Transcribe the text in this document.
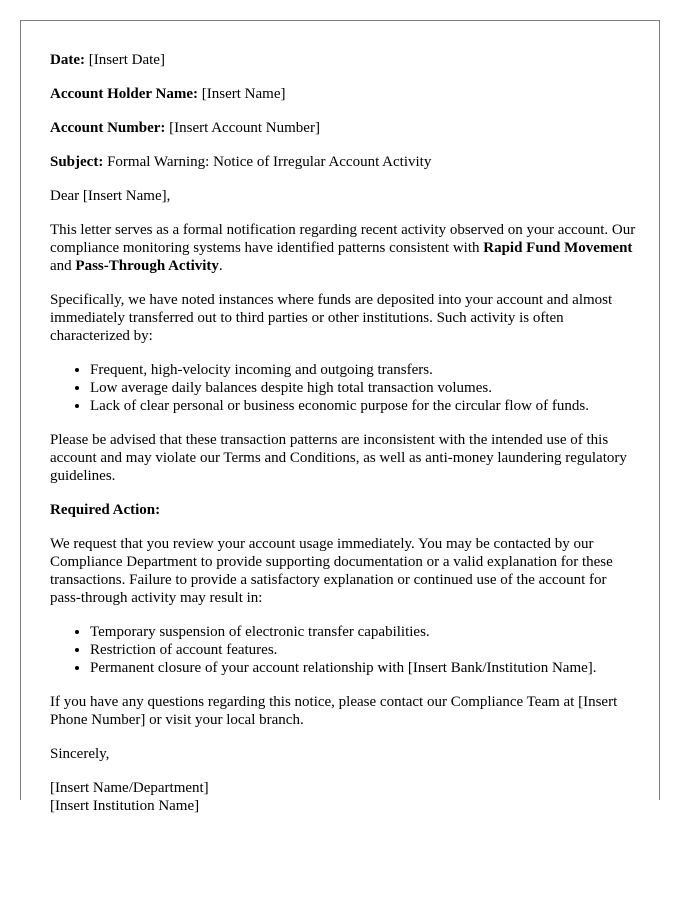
Date: [Insert Date]

Account Holder Name: [Insert Name]

Account Number: [Insert Account Number]

Subject: Formal Warning: Notice of Irregular Account Activity

Dear [Insert Name],

This letter serves as a formal notification regarding recent activity observed on your account. Our compliance monitoring systems have identified patterns consistent with Rapid Fund Movement and Pass-Through Activity.

Specifically, we have noted instances where funds are deposited into your account and almost immediately transferred out to third parties or other institutions. Such activity is often characterized by:

• Frequent, high-velocity incoming and outgoing transfers.
• Low average daily balances despite high total transaction volumes.
• Lack of clear personal or business economic purpose for the circular flow of funds.

Please be advised that these transaction patterns are inconsistent with the intended use of this account and may violate our Terms and Conditions, as well as anti-money laundering regulatory guidelines.

Required Action:

We request that you review your account usage immediately. You may be contacted by our Compliance Department to provide supporting documentation or a valid explanation for these transactions. Failure to provide a satisfactory explanation or continued use of the account for pass-through activity may result in:

• Temporary suspension of electronic transfer capabilities.
• Restriction of account features.
• Permanent closure of your account relationship with [Insert Bank/Institution Name].

If you have any questions regarding this notice, please contact our Compliance Team at [Insert Phone Number] or visit your local branch.

Sincerely,

[Insert Name/Department]

[Insert Institution Name]
